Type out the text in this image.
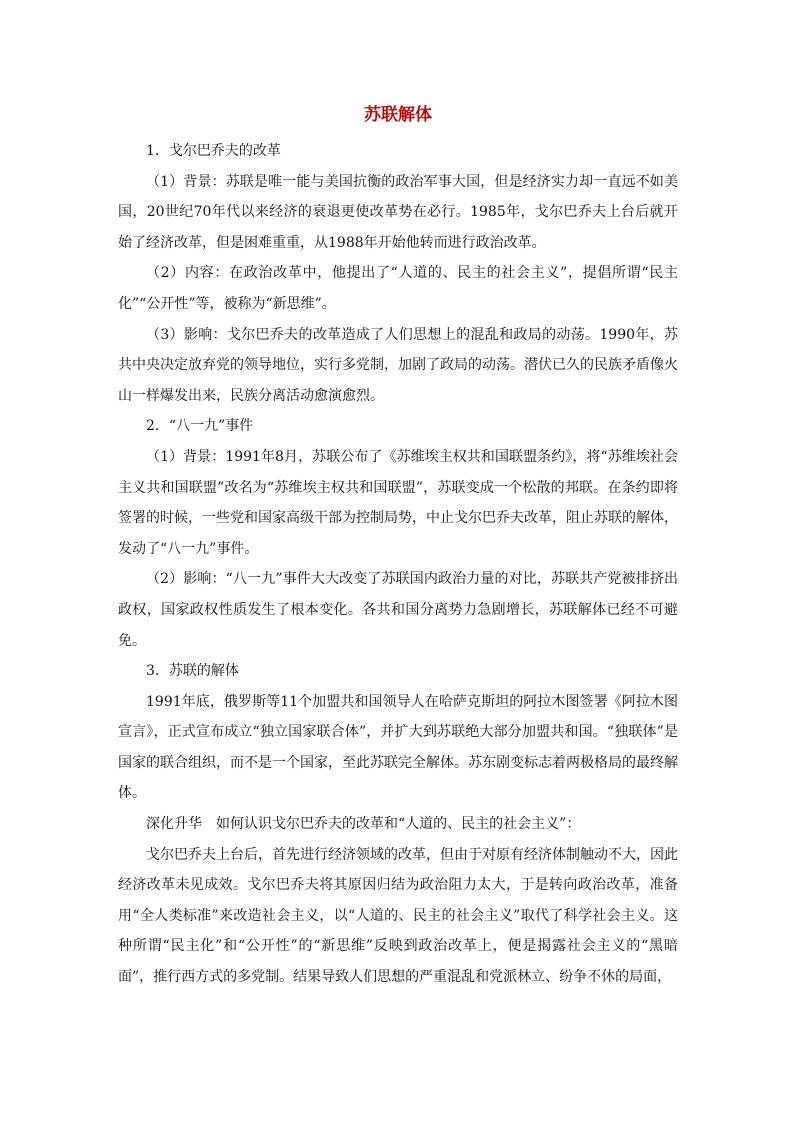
苏联解体
1．戈尔巴乔夫的改革
（1）背景：苏联是唯一能与美国抗衡的政治军事大国，但是经济实力却一直远不如美国，20世纪70年代以来经济的衰退更使改革势在必行。1985年，戈尔巴乔夫上台后就开始了经济改革，但是困难重重，从1988年开始他转而进行政治改革。
（2）内容：在政治改革中，他提出了“人道的、民主的社会主义”，提倡所谓“民主化”“公开性”等，被称为“新思维”。
（3）影响：戈尔巴乔夫的改革造成了人们思想上的混乱和政局的动荡。1990年，苏共中央决定放弃党的领导地位，实行多党制，加剧了政局的动荡。潜伏已久的民族矛盾像火山一样爆发出来，民族分离活动愈演愈烈。
2．“八一九”事件
（1）背景：1991年8月，苏联公布了《苏维埃主权共和国联盟条约》，将“苏维埃社会主义共和国联盟”改名为“苏维埃主权共和国联盟”，苏联变成一个松散的邦联。在条约即将签署的时候，一些党和国家高级干部为控制局势，中止戈尔巴乔夫改革，阻止苏联的解体，发动了“八一九”事件。
（2）影响：“八一九”事件大大改变了苏联国内政治力量的对比，苏联共产党被排挤出政权，国家政权性质发生了根本变化。各共和国分离势力急剧增长，苏联解体已经不可避免。
3．苏联的解体
1991年底，俄罗斯等11个加盟共和国领导人在哈萨克斯坦的阿拉木图签署《阿拉木图宣言》，正式宣布成立“独立国家联合体”，并扩大到苏联绝大部分加盟共和国。“独联体”是国家的联合组织，而不是一个国家，至此苏联完全解体。苏东剧变标志着两极格局的最终解体。
深化升华　如何认识戈尔巴乔夫的改革和“人道的、民主的社会主义”：
戈尔巴乔夫上台后，首先进行经济领域的改革，但由于对原有经济体制触动不大，因此经济改革未见成效。戈尔巴乔夫将其原因归结为政治阻力太大，于是转向政治改革，准备用“全人类标准”来改造社会主义，以“人道的、民主的社会主义”取代了科学社会主义。这种所谓“民主化”和“公开性”的“新思维”反映到政治改革上，便是揭露社会主义的“黑暗面”，推行西方式的多党制。结果导致人们思想的严重混乱和党派林立、纷争不休的局面，
